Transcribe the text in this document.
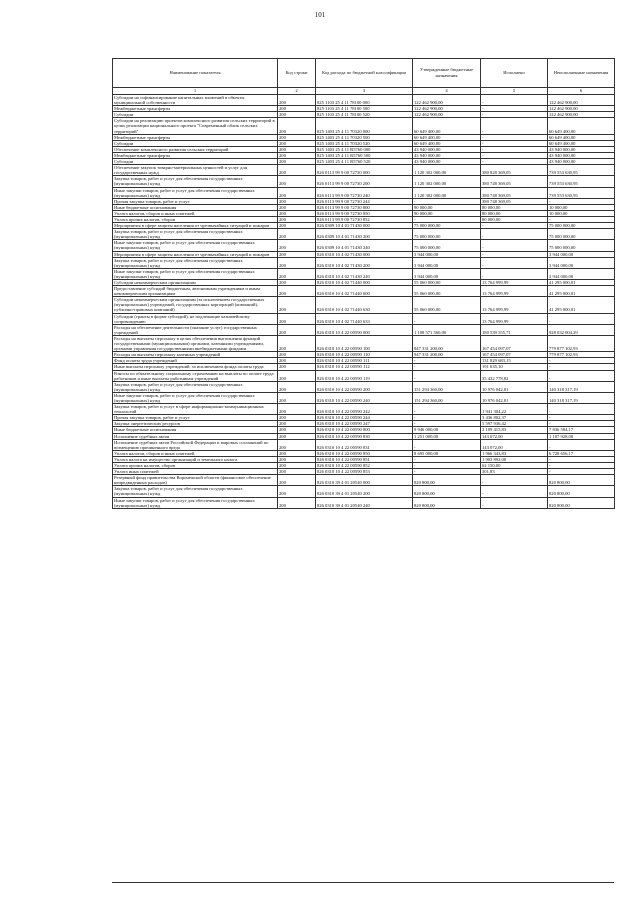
101
Наименование показателя	Код строки	Код расхода по бюджетной классификации	Утвержденные бюджетные назначения	Исполнено	Неисполненные назначения
1	2	3	4	5	6
Субсидии на софинансирование капитальных вложений в объекты муниципальной собственности	200	825 1103 25 4 11 78100 000	122 462 900,00	-	122 462 900,00
Межбюджетные трансферты	200	825 1103 25 4 11 78100 500	122 462 900,00	-	122 462 900,00
Субсидии	200	825 1103 25 4 11 78100 520	122 462 900,00	-	122 462 900,00
Субсидии на реализацию проектов комплексного развития сельских территорий в целях реализации национального проекта "Современный облик сельских территорий"	200	825 1403 25 4 11 70320 000	60 649 400,00	-	60 649 400,00
Межбюджетные трансферты	200	825 1403 25 4 11 70320 500	60 649 400,00	-	60 649 400,00
Субсидии	200	825 1403 25 4 11 70320 520	60 649 400,00	-	60 649 400,00
Обеспечение комплексного развития сельских территорий	200	825 1403 25 4 11 R5760 000	43 940 000,00	-	43 940 000,00
Межбюджетные трансферты	200	825 1403 25 4 11 R5760 500	43 940 000,00	-	43 940 000,00
Субсидии	200	825 1403 25 4 11 R5760 520	43 940 000,00	-	43 940 000,00
Обеспечение закупок товарно-материальных ценностей и услуг для государственных нужд	200	826 0113 99 9 00 72730 000	1 120 302 000,00	380 828 369,05	739 553 630,95
Закупка товаров, работ и услуг для обеспечения государственных (муниципальных) нужд	200	826 0113 99 9 00 72730 200	1 120 302 000,00	380 748 369,05	739 553 630,95
Иные закупки товаров, работ и услуг для обеспечения государственных (муниципальных) нужд	200	826 0113 99 9 00 72730 240	1 120 302 000,00	380 748 369,05	739 553 630,95
Прочая закупка товаров, работ и услуг	200	826 0113 99 9 00 72730 244	-	380 748 369,05	-
Иные бюджетные ассигнования	200	826 0113 99 9 00 72730 800	90 000,00	80 000,00	10 000,00
Уплата налогов, сборов и иных платежей	200	826 0113 99 9 00 72730 850	90 000,00	80 000,00	10 000,00
Уплата прочих налогов, сборов	200	826 0113 99 9 00 72730 852	-	80 000,00	-
Мероприятия в сфере защиты населения от чрезвычайных ситуаций и пожаров	200	826 0309 10 4 01 71430 000	75 000 000,00	-	75 000 000,00
Закупка товаров, работ и услуг для обеспечения государственных (муниципальных) нужд	200	826 0309 10 4 01 71430 200	75 000 000,00	-	75 000 000,00
Иные закупки товаров, работ и услуг для обеспечения государственных (муниципальных) нужд	200	826 0309 10 4 01 71430 240	75 000 000,00	-	75 000 000,00
Мероприятия в сфере защиты населения от чрезвычайных ситуаций и пожаров	200	826 0310 10 4 02 71430 000	3 944 000,00	-	3 944 000,00
Закупка товаров, работ и услуг для обеспечения государственных (муниципальных) нужд	200	826 0310 10 4 02 71430 200	3 944 000,00	-	3 944 000,00
Иные закупки товаров, работ и услуг для обеспечения государственных (муниципальных) нужд	200	826 0310 10 4 02 71430 240	3 944 000,00	-	3 944 000,00
Субсидии некоммерческим организациям	200	826 0310 10 4 02 71440 000	55 060 000,00	13 764 999,99	41 295 000,01
Предоставление субсидий бюджетным, автономным учреждениям и иным некоммерческим организациям	200	826 0310 10 4 02 71440 600	55 060 000,00	13 764 999,99	41 295 000,01
Субсидии некоммерческим организациям (за исключением государственных (муниципальных) учреждений, государственных корпораций (компаний), публично-правовых компаний)	200	826 0310 10 4 02 71440 630	55 060 000,00	13 764 999,99	41 295 000,01
Субсидии (гранты в форме субсидий), не подлежащие казначейскому сопровождению	200	826 0310 10 4 02 71440 633	-	13 764 999,99	-
Расходы на обеспечение деятельности (оказание услуг) государственных учреждений	200	826 0310 10 4 22 00590 000	1 108 571 560,00	180 539 555,71	928 032 004,29
Расходы на выплаты персоналу в целях обеспечения выполнения функций государственными (муниципальными) органами, казенными учреждениями, органами управления государственными внебюджетными фондами	200	826 0310 10 4 22 00590 100	947 331 200,00	167 454 097,07	779 877 102,93
Расходы на выплаты персоналу казенных учреждений	200	826 0310 10 4 22 00590 110	947 331 200,00	167 454 097,07	779 877 102,93
Фонд оплаты труда учреждений	200	826 0310 10 4 22 00590 111	-	131 829 683,15	-
Иные выплаты персоналу учреждений, за исключением фонда оплаты труда	200	826 0310 10 4 22 00590 112	-	191 635,10	-
Взносы по обязательному социальному страхованию на выплаты по оплате труда работников и иные выплаты работникам учреждений	200	826 0310 10 4 22 00590 119	-	35 432 778,82	-
Закупка товаров, работ и услуг для обеспечения государственных (муниципальных) нужд	200	826 0310 10 4 22 00590 200	151 294 360,00	10 976 042,81	140 318 317,19
Иные закупки товаров, работ и услуг для обеспечения государственных (муниципальных) нужд	200	826 0310 10 4 22 00590 240	151 294 360,00	10 976 042,81	140 318 317,19
Закупка товаров, работ и услуг в сфере информационно-коммуникационных технологий	200	826 0310 10 4 22 00590 242	-	1 941 304,22	-
Прочая закупка товаров, работ и услуг	200	826 0310 10 4 22 00590 244	-	3 436 802,37	-
Закупка энергетических ресурсов	200	826 0310 10 4 22 00590 247	-	5 597 936,42	-
Иные бюджетные ассигнования	200	826 0310 10 4 22 00590 800	9 946 000,00	2 109 415,83	7 836 584,17
Исполнение судебных актов	200	826 0310 10 4 22 00590 830	1 251 000,00	143 072,00	1 107 928,00
Исполнение судебных актов Российской Федерации и мировых соглашений по возмещению причиненного вреда	200	826 0310 10 4 22 00590 831	-	143 072,00	-
Уплата налогов, сборов и иных платежей	200	826 0310 10 4 22 00590 850	8 695 000,00	1 966 343,83	6 728 656,17
Уплата налога на имущество организаций и земельного налога	200	826 0310 10 4 22 00590 851	-	1 903 892,00	-
Уплата прочих налогов, сборов	200	826 0310 10 4 22 00590 852	-	62 150,00	-
Уплата иных платежей	200	826 0310 10 4 22 00590 853	-	301,83	-
Резервный фонд правительства Воронежской области (финансовое обеспечение непредвиденных расходов)	200	826 0310 39 4 01 20540 000	820 800,00	-	820 800,00
Закупка товаров, работ и услуг для обеспечения государственных (муниципальных) нужд	200	826 0310 39 4 01 20540 200	820 800,00	-	820 800,00
Иные закупки товаров, работ и услуг для обеспечения государственных (муниципальных) нужд	200	826 0310 39 4 01 20540 240	820 800,00	-	820 800,00
